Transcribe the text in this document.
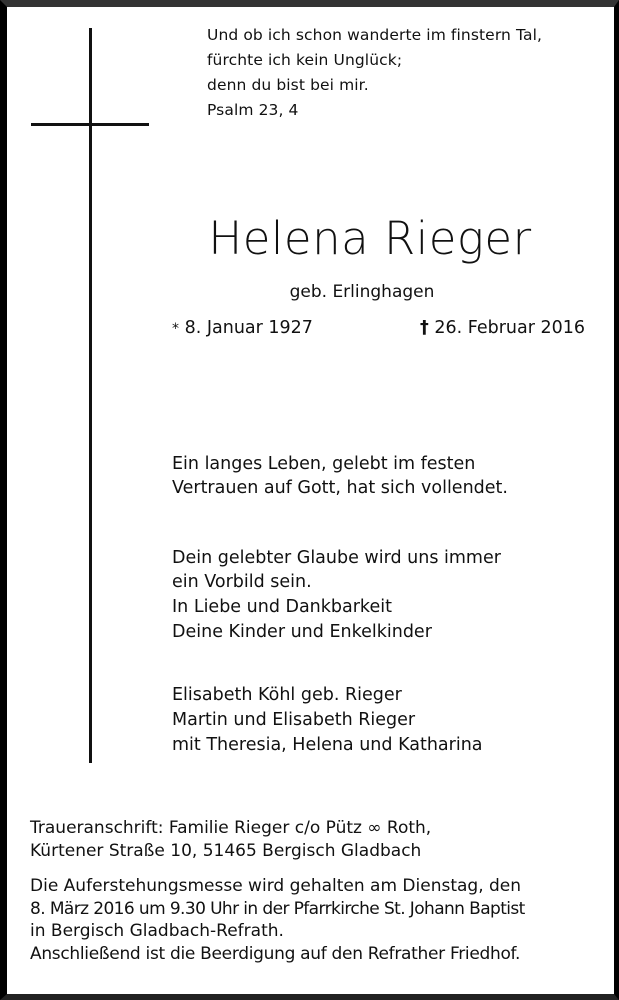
Und ob ich schon wanderte im finstern Tal,
fürchte ich kein Unglück;
denn du bist bei mir.
Psalm 23, 4
Helena Rieger
geb. Erlinghagen
* 8. Januar 1927	† 26. Februar 2016
Ein langes Leben, gelebt im festen
Vertrauen auf Gott, hat sich vollendet.
Dein gelebter Glaube wird uns immer
ein Vorbild sein.
In Liebe und Dankbarkeit
Deine Kinder und Enkelkinder
Elisabeth Köhl geb. Rieger
Martin und Elisabeth Rieger
mit Theresia, Helena und Katharina
Traueranschrift: Familie Rieger c/o Pütz ∞ Roth,
Kürtener Straße 10, 51465 Bergisch Gladbach
Die Auferstehungsmesse wird gehalten am Dienstag, den
8. März 2016 um 9.30 Uhr in der Pfarrkirche St. Johann Baptist
in Bergisch Gladbach-Refrath.
Anschließend ist die Beerdigung auf den Refrather Friedhof.
